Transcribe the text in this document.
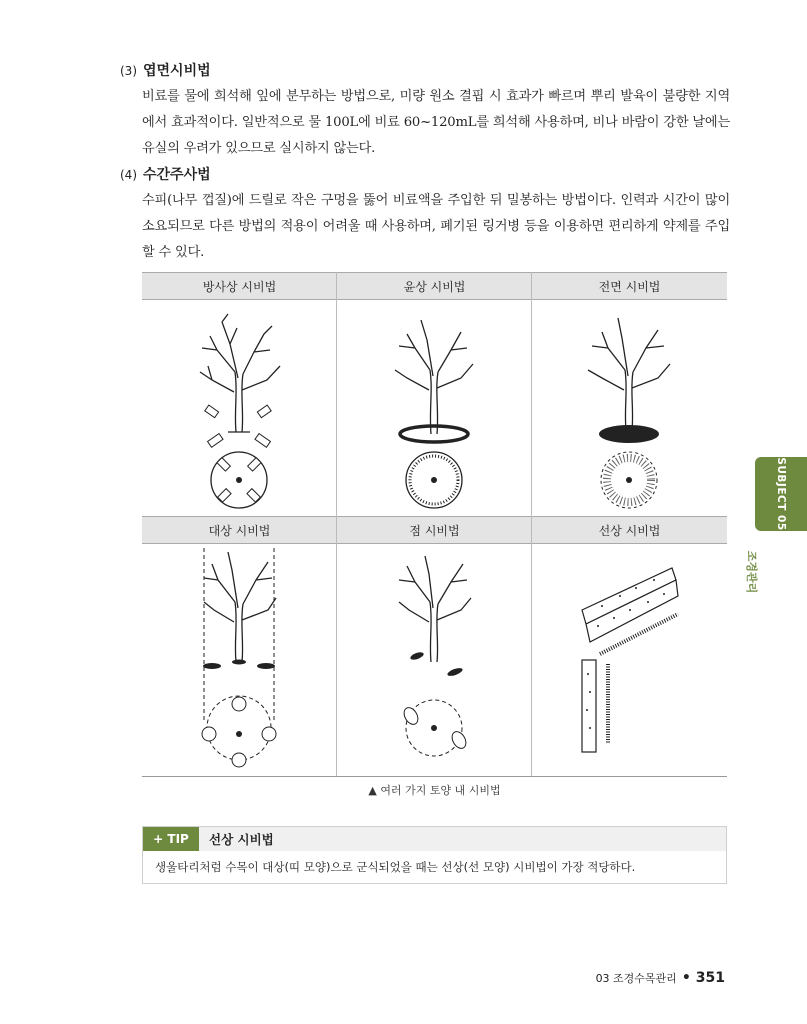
(3) 엽면시비법
비료를 물에 희석해 잎에 분무하는 방법으로, 미량 원소 결핍 시 효과가 빠르며 뿌리 발육이 불량한 지역에서 효과적이다. 일반적으로 물 100L에 비료 60~120mL를 희석해 사용하며, 비나 바람이 강한 날에는 유실의 우려가 있으므로 실시하지 않는다.
(4) 수간주사법
수피(나무 껍질)에 드릴로 작은 구멍을 뚫어 비료액을 주입한 뒤 밀봉하는 방법이다. 인력과 시간이 많이 소요되므로 다른 방법의 적용이 어려울 때 사용하며, 폐기된 링거병 등을 이용하면 편리하게 약제를 주입할 수 있다.
방사상 시비법	윤상 시비법	전면 시비법
대상 시비법	점 시비법	선상 시비법
▲ 여러 가지 토양 내 시비법
+ TIP	선상 시비법
생울타리처럼 수목이 대상(띠 모양)으로 군식되었을 때는 선상(선 모양) 시비법이 가장 적당하다.
SUBJECT 05
조경관리
03 조경수목관리 • 351
